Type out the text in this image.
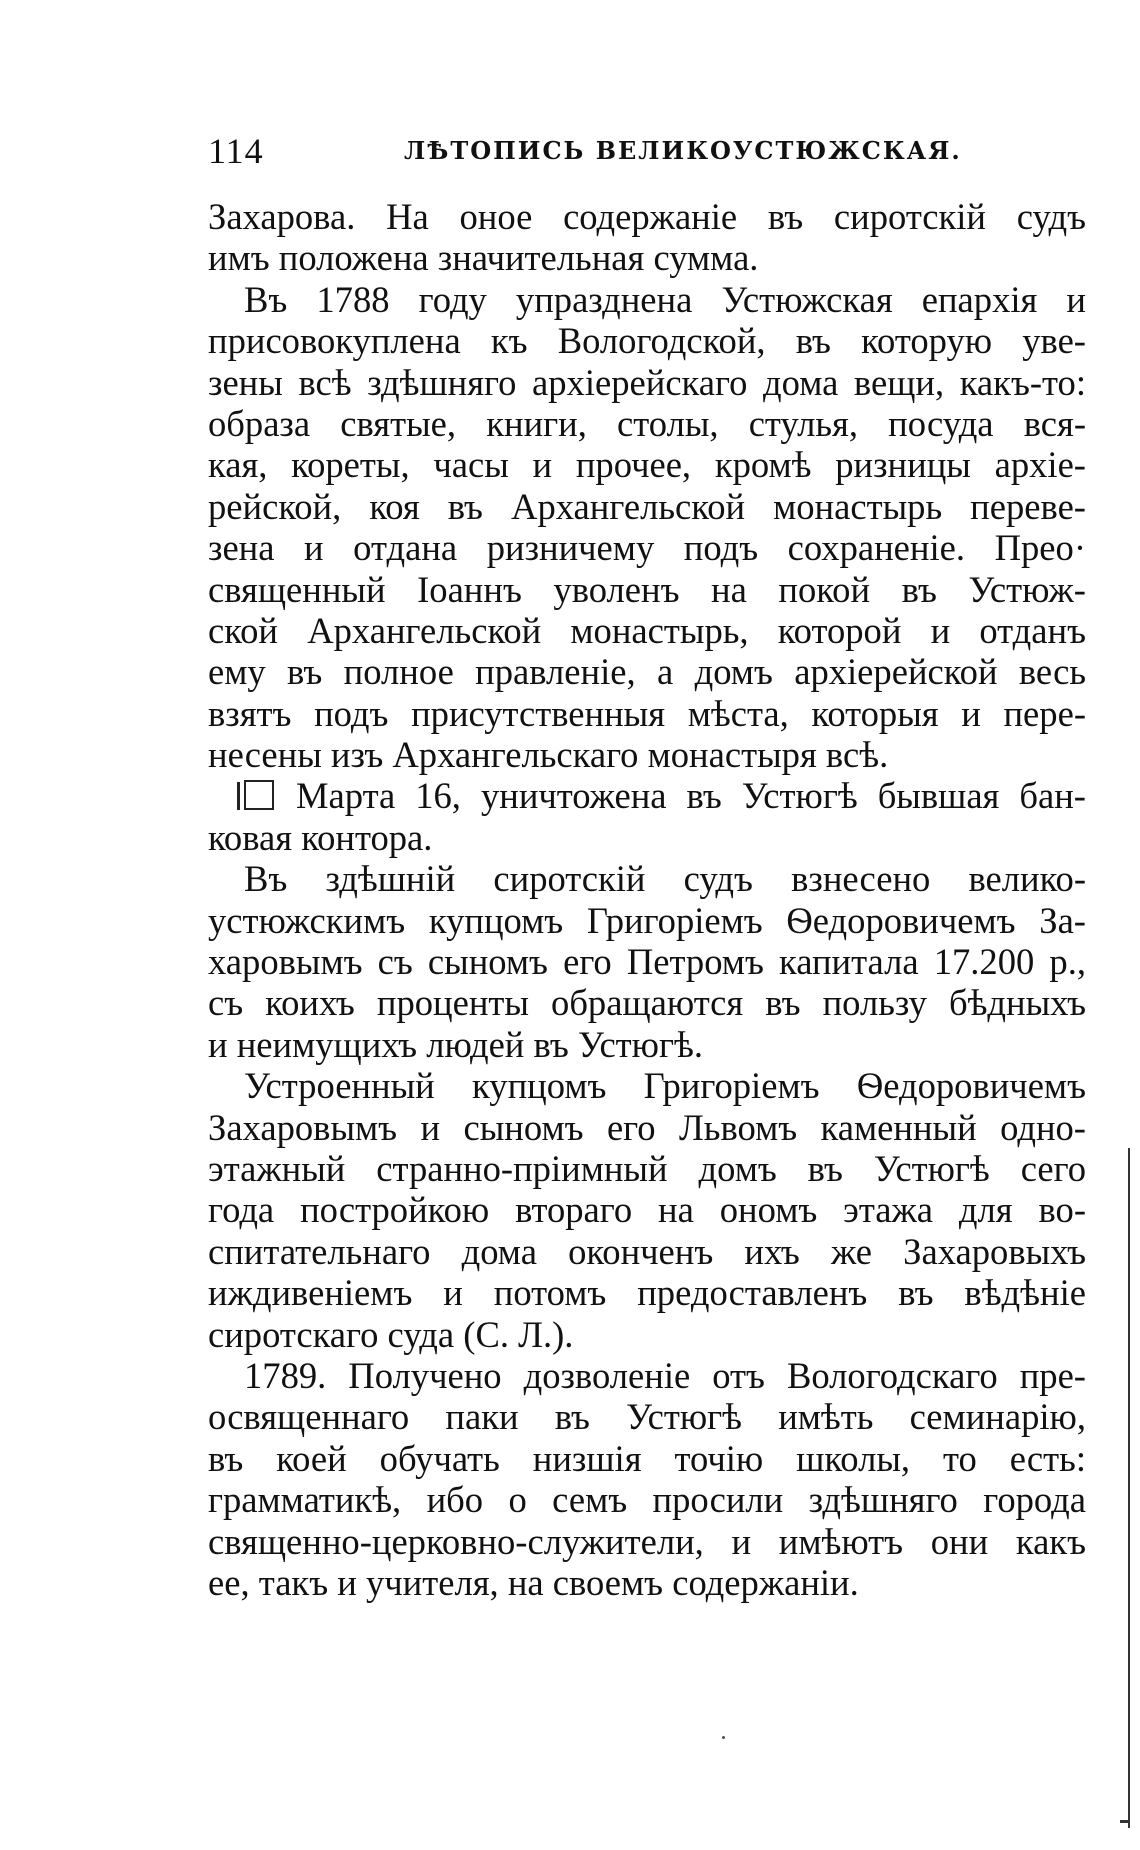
114	ЛѢТОПИСЬ ВЕЛИКОУСТЮЖСКАЯ.
Захарова. На оное содержаніе въ сиротскій судъ
имъ положена значительная сумма.
Въ 1788 году упразднена Устюжская епархія и
присовокуплена къ Вологодской, въ которую уве-
зены всѣ здѣшняго архіерейскаго дома вещи, какъ-то:
образа святые, книги, столы, стулья, посуда вся-
кая, кореты, часы и прочее, кромѣ ризницы архіе-
рейской, коя въ Архангельской монастырь переве-
зена и отдана ризничему подъ сохраненіе. Прео·
священный Іоаннъ уволенъ на покой въ Устюж-
ской Архангельской монастырь, которой и отданъ
ему въ полное правленіе, а домъ архіерейской весь
взятъ подъ присутственныя мѣста, которыя и пере-
несены изъ Архангельскаго монастыря всѣ.
Марта 16, уничтожена въ Устюгѣ бывшая бан-
ковая контора.
Въ здѣшній сиротскій судъ взнесено велико-
устюжскимъ купцомъ Григоріемъ Ѳедоровичемъ За-
харовымъ съ сыномъ его Петромъ капитала 17.200 р.,
съ коихъ проценты обращаются въ пользу бѣдныхъ
и неимущихъ людей въ Устюгѣ.
Устроенный купцомъ Григоріемъ Ѳедоровичемъ
Захаровымъ и сыномъ его Львомъ каменный одно-
этажный странно-пріимный домъ въ Устюгѣ сего
года постройкою втораго на ономъ этажа для во-
спитательнаго дома оконченъ ихъ же Захаровыхъ
иждивеніемъ и потомъ предоставленъ въ вѣдѣніе
сиротскаго суда (С. Л.).
1789. Получено дозволеніе отъ Вологодскаго пре-
освященнаго паки въ Устюгѣ имѣть семинарію,
въ коей обучать низшія точію школы, то есть:
грамматикѣ, ибо о семъ просили здѣшняго города
священно-церковно-служители, и имѣютъ они какъ
ее, такъ и учителя, на своемъ содержаніи.
